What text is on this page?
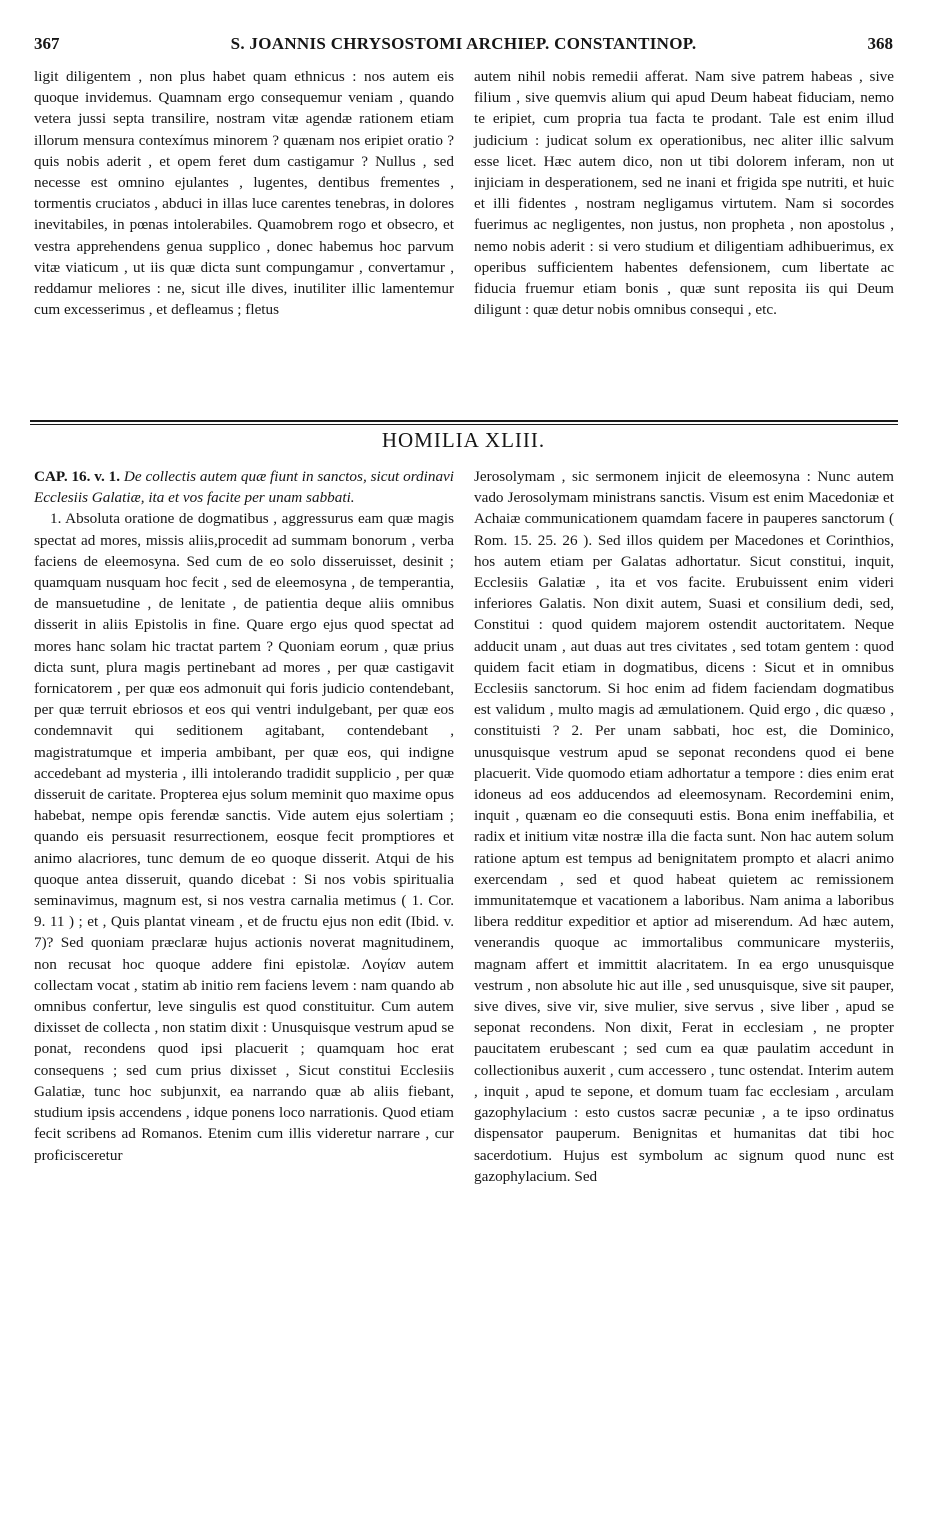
367	S. JOANNIS CHRYSOSTOMI ARCHIEP. CONSTANTINOP.	368

ligit diligentem , non plus habet quam ethnicus : nos autem eis quoque invidemus. Quamnam ergo consequemur veniam , quando vetera jussi septa transilire, nostram vitæ agendæ rationem etiam illorum mensura contexímus minorem ? quænam nos eripiet oratio ? quis nobis aderit , et opem feret dum castigamur ? Nullus , sed necesse est omnino ejulantes , lugentes, dentibus frementes , tormentis cruciatos , abduci in illas luce carentes tenebras, in dolores inevitabiles, in pœnas intolerabiles. Quamobrem rogo et obsecro, et vestra apprehendens genua supplico , donec habemus hoc parvum vitæ viaticum , ut iis quæ dicta sunt compungamur , convertamur , reddamur meliores : ne, sicut ille dives, inutiliter illic lamentemur cum excesserimus , et defleamus ; fletus

autem nihil nobis remedii afferat. Nam sive patrem habeas , sive filium , sive quemvis alium qui apud Deum habeat fiduciam, nemo te eripiet, cum propria tua facta te prodant. Tale est enim illud judicium : judicat solum ex operationibus, nec aliter illic salvum esse licet. Hæc autem dico, non ut tibi dolorem inferam, non ut injiciam in desperationem, sed ne inani et frigida spe nutriti, et huic et illi fidentes , nostram negligamus virtutem. Nam si socordes fuerimus ac negligentes, non justus, non propheta , non apostolus , nemo nobis aderit : si vero studium et diligentiam adhibuerimus, ex operibus sufficientem habentes defensionem, cum libertate ac fiducia fruemur etiam bonis , quæ sunt reposita iis qui Deum diligunt : quæ detur nobis omnibus consequi , etc.

HOMILIA XLIII.

CAP. 16. v. 1. De collectis autem quæ fiunt in sanctos, sicut ordinavi Ecclesiis Galatiæ, ita et vos facite per unam sabbati.

1. Absoluta oratione de dogmatibus , aggressurus eam quæ magis spectat ad mores, missis aliis,procedit ad summam bonorum , verba faciens de eleemosyna. Sed cum de eo solo disseruisset, desinit ; quamquam nusquam hoc fecit , sed de eleemosyna , de temperantia, de mansuetudine , de lenitate , de patientia deque aliis omnibus disserit in aliis Epistolis in fine. Quare ergo ejus quod spectat ad mores hanc solam hic tractat partem ? Quoniam eorum , quæ prius dicta sunt, plura magis pertinebant ad mores , per quæ castigavit fornicatorem , per quæ eos admonuit qui foris judicio contendebant, per quæ terruit ebriosos et eos qui ventri indulgebant, per quæ eos condemnavit qui seditionem agitabant, contendebant , magistratumque et imperia ambibant, per quæ eos, qui indigne accedebant ad mysteria , illi intolerando tradidit supplicio , per quæ disseruit de caritate. Propterea ejus solum meminit quo maxime opus habebat, nempe opis ferendæ sanctis. Vide autem ejus solertiam ; quando eis persuasit resurrectionem, eosque fecit promptiores et animo alacriores, tunc demum de eo quoque disserit. Atqui de his quoque antea disseruit, quando dicebat : Si nos vobis spiritualia seminavimus, magnum est, si nos vestra carnalia metimus ( 1. Cor. 9. 11 ) ; et , Quis plantat vineam , et de fructu ejus non edit (Ibid. v. 7)? Sed quoniam præclaræ hujus actionis noverat magnitudinem, non recusat hoc quoque addere fini epistolæ. Λογίαν autem collectam vocat , statim ab initio rem faciens levem : nam quando ab omnibus confertur, leve singulis est quod constituitur. Cum autem dixisset de collecta , non statim dixit : Unusquisque vestrum apud se ponat, recondens quod ipsi placuerit ; quamquam hoc erat consequens ; sed cum prius dixisset , Sicut constitui Ecclesiis Galatiæ, tunc hoc subjunxit, ea narrando quæ ab aliis fiebant, studium ipsis accendens , idque ponens loco narrationis. Quod etiam fecit scribens ad Romanos. Etenim cum illis videretur narrare , cur proficisceretur

Jerosolymam , sic sermonem injicit de eleemosyna : Nunc autem vado Jerosolymam ministrans sanctis. Visum est enim Macedoniæ et Achaiæ communicationem quamdam facere in pauperes sanctorum ( Rom. 15. 25. 26 ). Sed illos quidem per Macedones et Corinthios, hos autem etiam per Galatas adhortatur. Sicut constitui, inquit, Ecclesiis Galatiæ , ita et vos facite. Erubuissent enim videri inferiores Galatis. Non dixit autem, Suasi et consilium dedi, sed, Constitui : quod quidem majorem ostendit auctoritatem. Neque adducit unam , aut duas aut tres civitates , sed totam gentem : quod quidem facit etiam in dogmatibus, dicens : Sicut et in omnibus Ecclesiis sanctorum. Si hoc enim ad fidem faciendam dogmatibus est validum , multo magis ad æmulationem. Quid ergo , dic quæso , constituisti ? 2. Per unam sabbati, hoc est, die Dominico, unusquisque vestrum apud se seponat recondens quod ei bene placuerit. Vide quomodo etiam adhortatur a tempore : dies enim erat idoneus ad eos adducendos ad eleemosynam. Recordemini enim, inquit , quænam eo die consequuti estis. Bona enim ineffabilia, et radix et initium vitæ nostræ illa die facta sunt. Non hac autem solum ratione aptum est tempus ad benignitatem prompto et alacri animo exercendam , sed et quod habeat quietem ac remissionem immunitatemque et vacationem a laboribus. Nam anima a laboribus libera redditur expeditior et aptior ad miserendum. Ad hæc autem, venerandis quoque ac immortalibus communicare mysteriis, magnam affert et immittit alacritatem. In ea ergo unusquisque vestrum , non absolute hic aut ille , sed unusquisque, sive sit pauper, sive dives, sive vir, sive mulier, sive servus , sive liber , apud se seponat recondens. Non dixit, Ferat in ecclesiam , ne propter paucitatem erubescant ; sed cum ea quæ paulatim accedunt in collectionibus auxerit , cum accessero , tunc ostendat. Interim autem , inquit , apud te sepone, et domum tuam fac ecclesiam , arculam gazophylacium : esto custos sacræ pecuniæ , a te ipso ordinatus dispensator pauperum. Benignitas et humanitas dat tibi hoc sacerdotium. Hujus est symbolum ac signum quod nunc est gazophylacium. Sed
